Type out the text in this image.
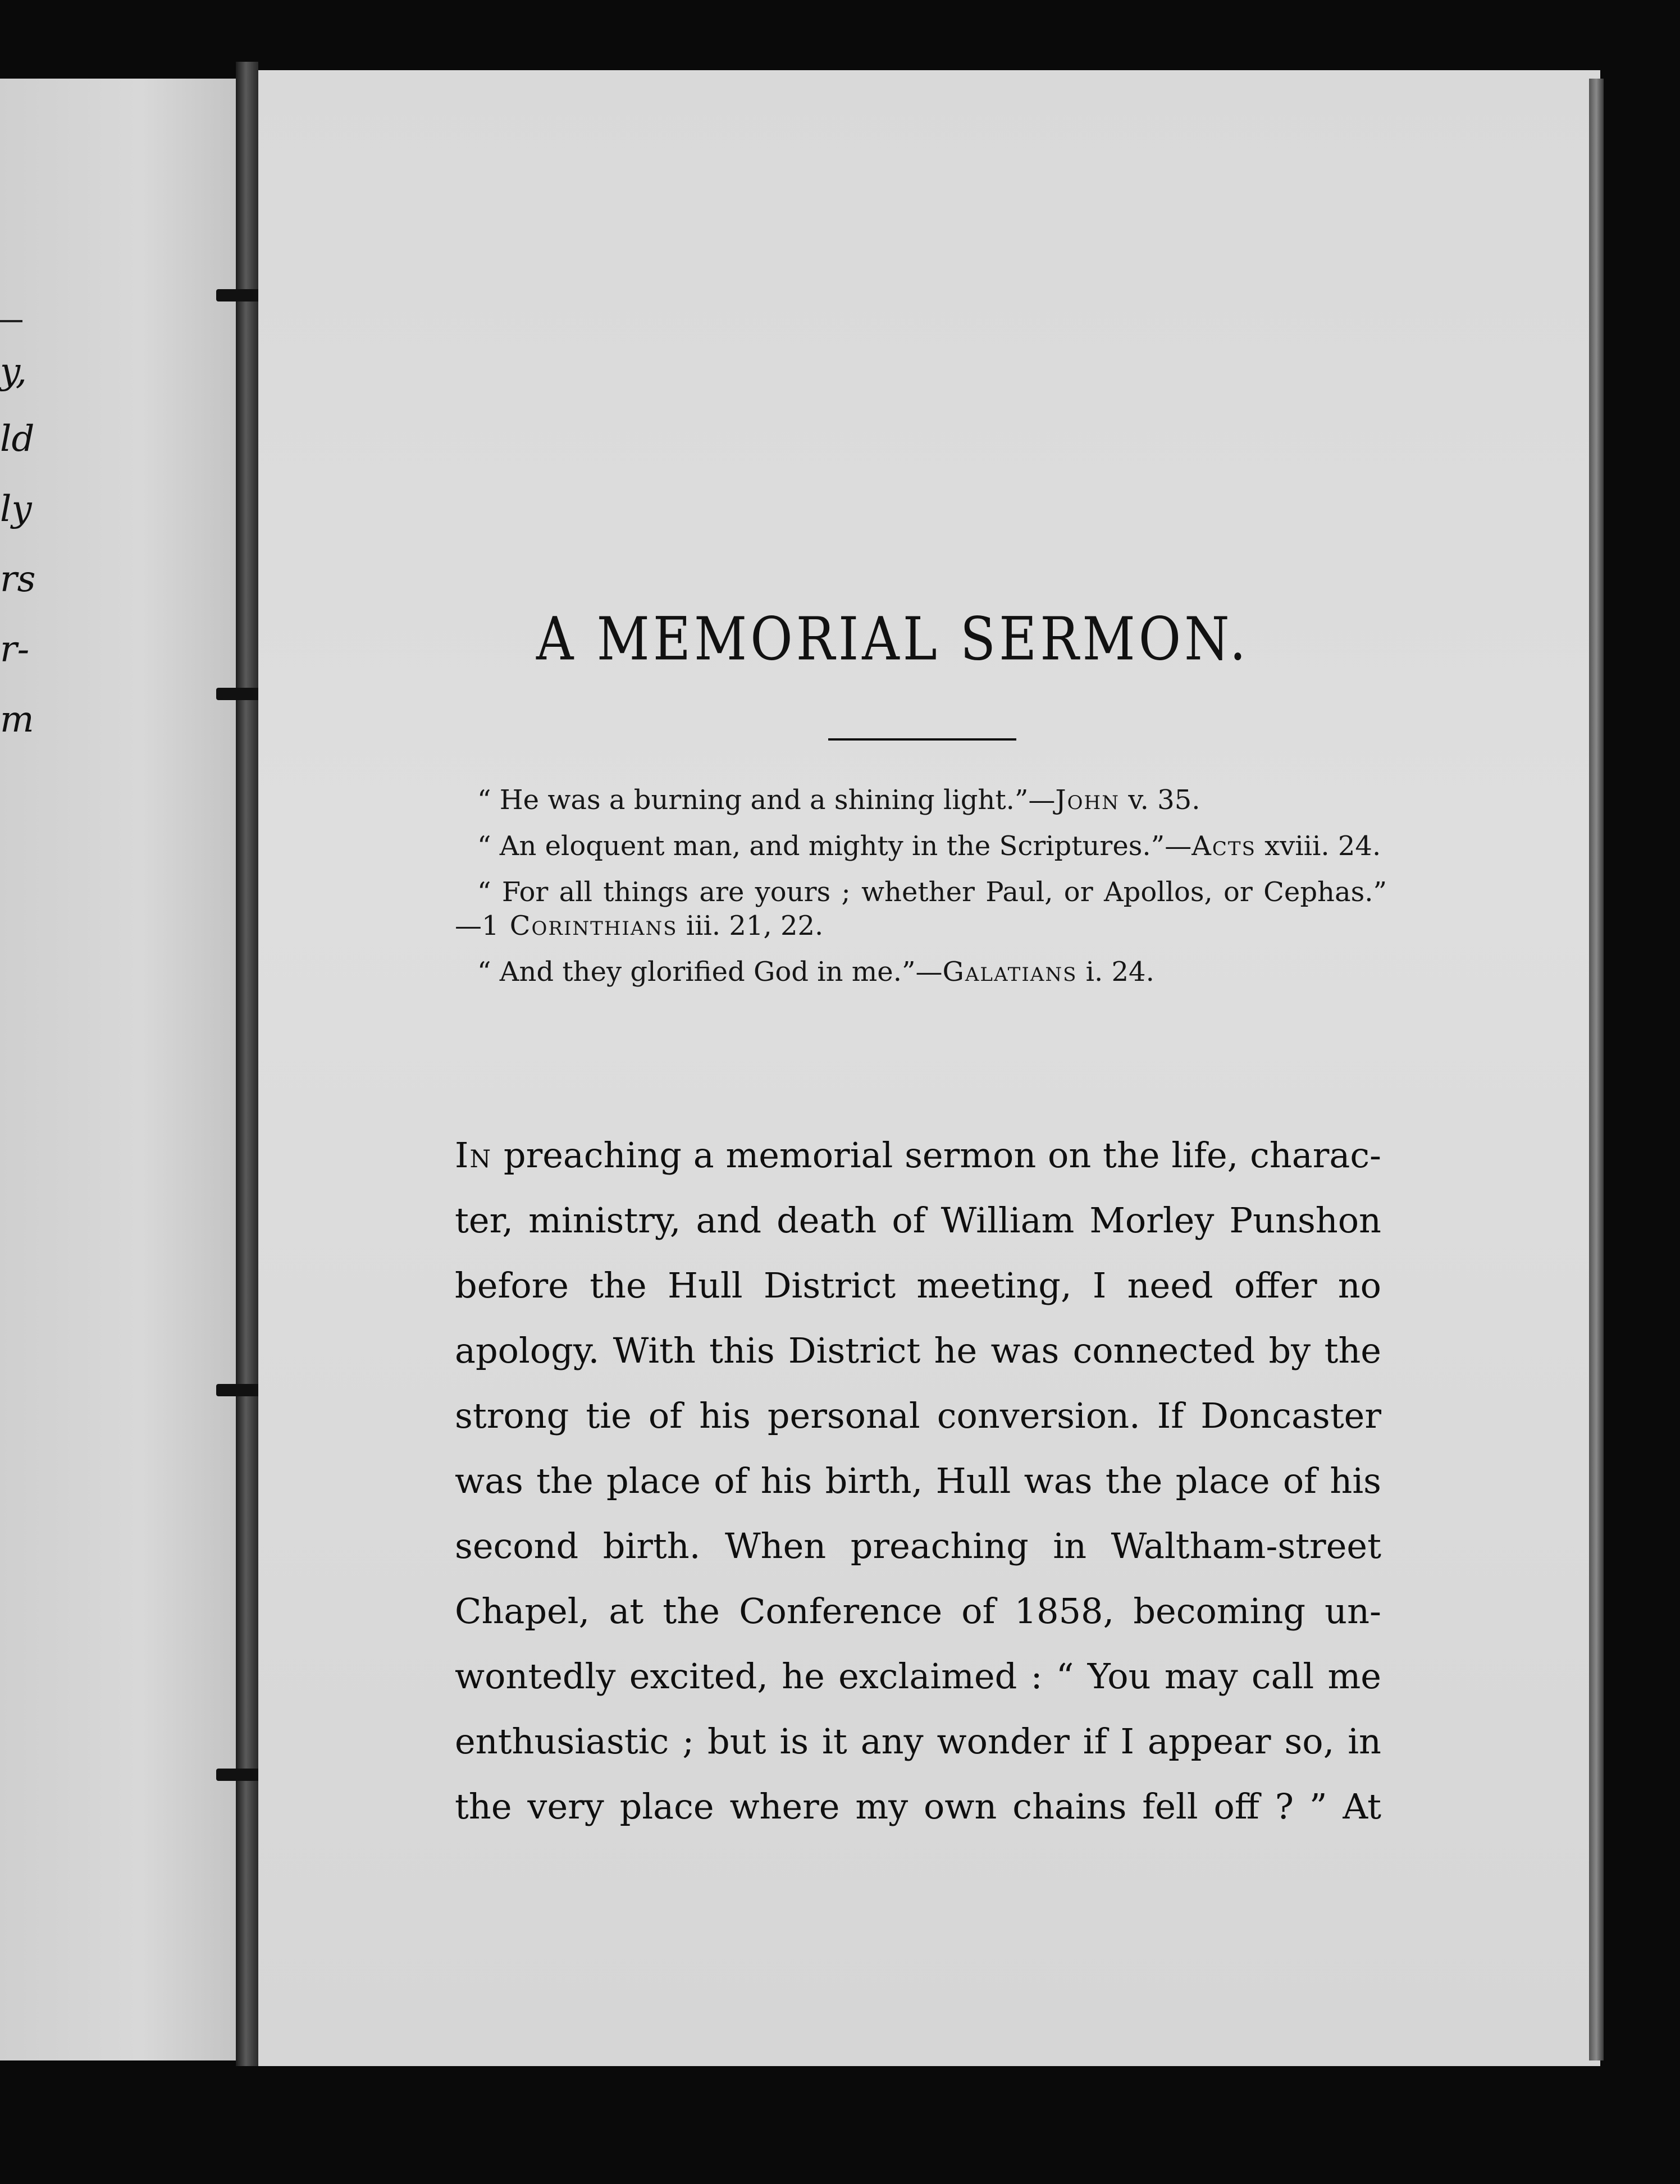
y,
ld
ly
rs
r-
m
A MEMORIAL SERMON.

“ He was a burning and a shining light.”—John v. 35.

“ An eloquent man, and mighty in the Scriptures.”—Acts xviii. 24.

“ For all things are yours ; whether Paul, or Apollos, or Cephas.” —1 Corinthians iii. 21, 22.

“ And they glorified God in me.”—Galatians i. 24.

In preaching a memorial sermon on the life, charac-
ter, ministry, and death of William Morley Punshon
before the Hull District meeting, I need offer no
apology. With this District he was connected by the
strong tie of his personal conversion. If Doncaster
was the place of his birth, Hull was the place of his
second birth. When preaching in Waltham-street
Chapel, at the Conference of 1858, becoming un-
wontedly excited, he exclaimed : “ You may call me
enthusiastic ; but is it any wonder if I appear so, in
the very place where my own chains fell off ? ” At
